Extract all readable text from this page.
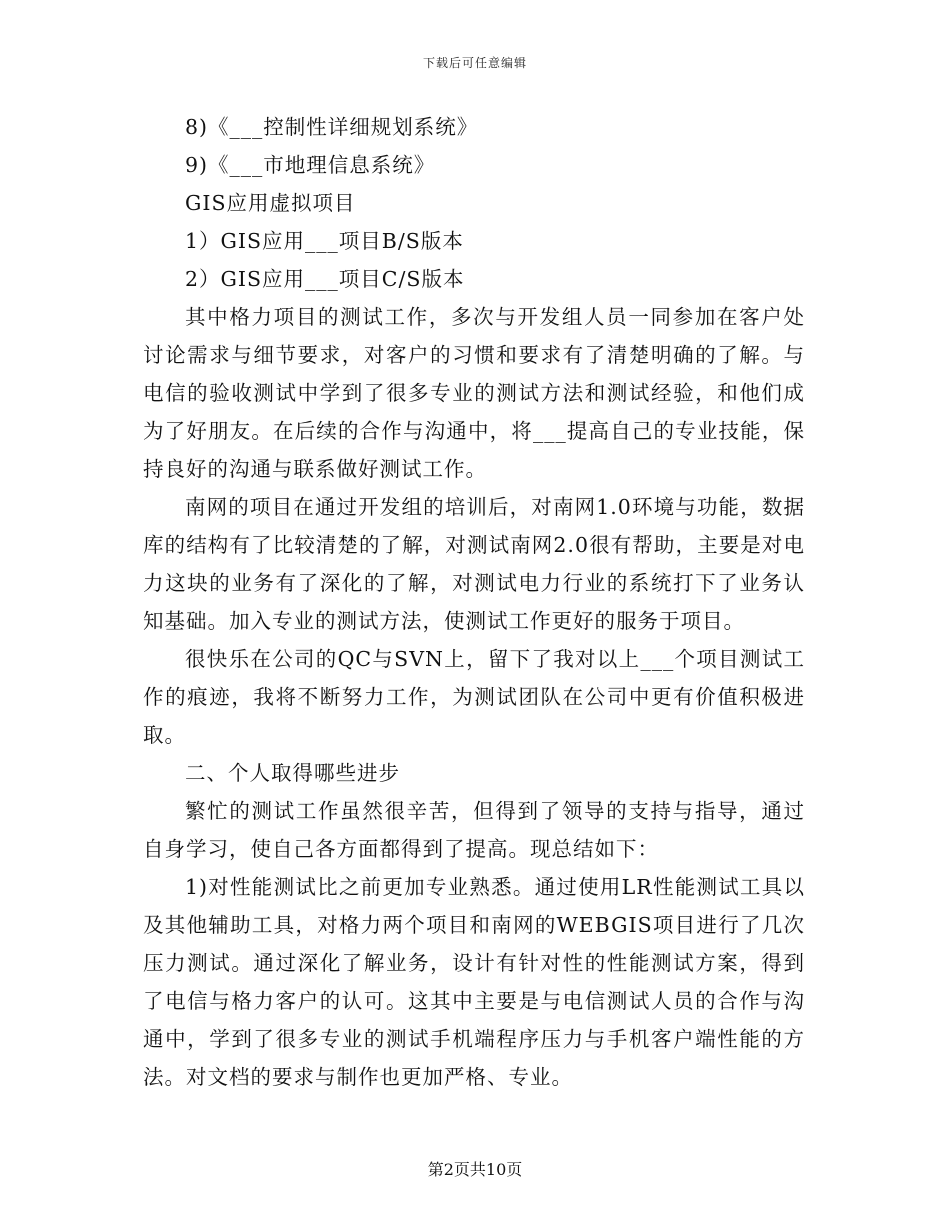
下载后可任意编辑

8)《___控制性详细规划系统》

9)《___市地理信息系统》

GIS应用虚拟项目

1）GIS应用___项目B/S版本

2）GIS应用___项目C/S版本

其中格力项目的测试工作，多次与开发组人员一同参加在客户处讨论需求与细节要求，对客户的习惯和要求有了清楚明确的了解。与电信的验收测试中学到了很多专业的测试方法和测试经验，和他们成为了好朋友。在后续的合作与沟通中，将___提高自己的专业技能，保持良好的沟通与联系做好测试工作。

南网的项目在通过开发组的培训后，对南网1.0环境与功能，数据库的结构有了比较清楚的了解，对测试南网2.0很有帮助，主要是对电力这块的业务有了深化的了解，对测试电力行业的系统打下了业务认知基础。加入专业的测试方法，使测试工作更好的服务于项目。

很快乐在公司的QC与SVN上，留下了我对以上___个项目测试工作的痕迹，我将不断努力工作，为测试团队在公司中更有价值积极进取。

二、个人取得哪些进步

繁忙的测试工作虽然很辛苦，但得到了领导的支持与指导，通过自身学习，使自己各方面都得到了提高。现总结如下：

1)对性能测试比之前更加专业熟悉。通过使用LR性能测试工具以及其他辅助工具，对格力两个项目和南网的WEBGIS项目进行了几次压力测试。通过深化了解业务，设计有针对性的性能测试方案，得到了电信与格力客户的认可。这其中主要是与电信测试人员的合作与沟通中，学到了很多专业的测试手机端程序压力与手机客户端性能的方法。对文档的要求与制作也更加严格、专业。

第2页共10页
